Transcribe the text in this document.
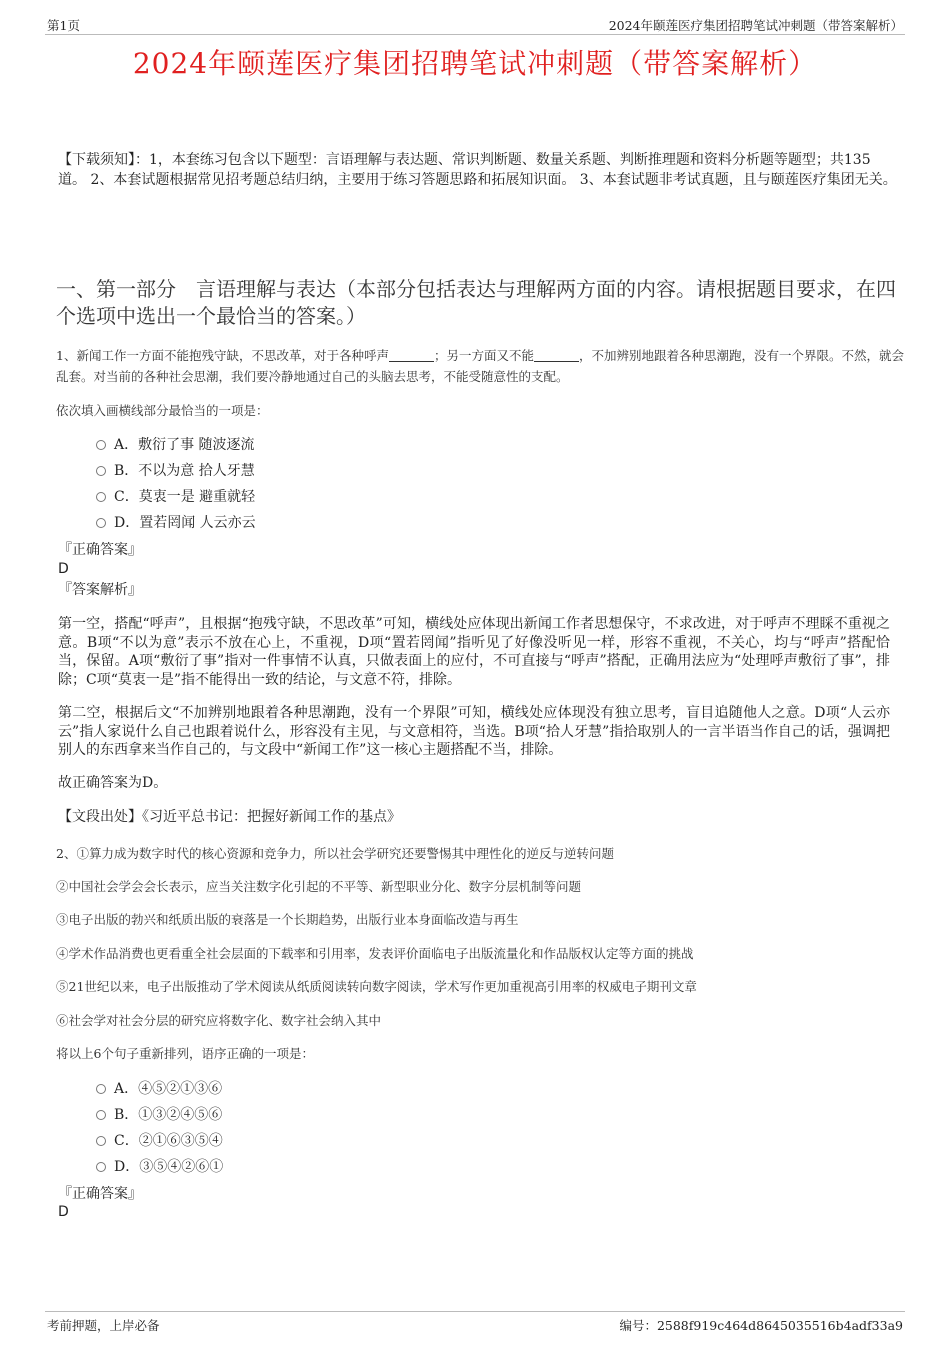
第1页	2024年颐莲医疗集团招聘笔试冲刺题（带答案解析）
2024年颐莲医疗集团招聘笔试冲刺题（带答案解析）
【下载须知】：1，本套练习包含以下题型：言语理解与表达题、常识判断题、数量关系题、判断推理题和资料分析题等题型；共135道。 2、本套试题根据常见招考题总结归纳，主要用于练习答题思路和拓展知识面。 3、本套试题非考试真题，且与颐莲医疗集团无关。
一、第一部分　言语理解与表达（本部分包括表达与理解两方面的内容。请根据题目要求，在四个选项中选出一个最恰当的答案。）
1、新闻工作一方面不能抱残守缺，不思改革，对于各种呼声	；另一方面又不能	，不加辨别地跟着各种思潮跑，没有一个界限。不然，就会乱套。对当前的各种社会思潮，我们要冷静地通过自己的头脑去思考，不能受随意性的支配。
依次填入画横线部分最恰当的一项是：
A．敷衍了事 随波逐流
B．不以为意 拾人牙慧
C．莫衷一是 避重就轻
D．置若罔闻 人云亦云
『正确答案』
D
『答案解析』
第一空，搭配“呼声”，且根据“抱残守缺，不思改革”可知，横线处应体现出新闻工作者思想保守，不求改进，对于呼声不理睬不重视之意。B项“不以为意”表示不放在心上，不重视，D项“置若罔闻”指听见了好像没听见一样，形容不重视，不关心，均与“呼声”搭配恰当，保留。A项“敷衍了事”指对一件事情不认真，只做表面上的应付，不可直接与“呼声”搭配，正确用法应为“处理呼声敷衍了事”，排除；C项“莫衷一是”指不能得出一致的结论，与文意不符，排除。
第二空，根据后文“不加辨别地跟着各种思潮跑，没有一个界限”可知，横线处应体现没有独立思考，盲目追随他人之意。D项“人云亦云”指人家说什么自己也跟着说什么，形容没有主见，与文意相符，当选。B项“拾人牙慧”指拾取别人的一言半语当作自己的话，强调把别人的东西拿来当作自己的，与文段中“新闻工作”这一核心主题搭配不当，排除。
故正确答案为D。
【文段出处】《习近平总书记：把握好新闻工作的基点》
2、①算力成为数字时代的核心资源和竞争力，所以社会学研究还要警惕其中理性化的逆反与逆转问题
②中国社会学会会长表示，应当关注数字化引起的不平等、新型职业分化、数字分层机制等问题
③电子出版的勃兴和纸质出版的衰落是一个长期趋势，出版行业本身面临改造与再生
④学术作品消费也更看重全社会层面的下载率和引用率，发表评价面临电子出版流量化和作品版权认定等方面的挑战
⑤21世纪以来，电子出版推动了学术阅读从纸质阅读转向数字阅读，学术写作更加重视高引用率的权威电子期刊文章
⑥社会学对社会分层的研究应将数字化、数字社会纳入其中
将以上6个句子重新排列，语序正确的一项是：
A．④⑤②①③⑥
B．①③②④⑤⑥
C．②①⑥③⑤④
D．③⑤④②⑥①
『正确答案』
D
考前押题，上岸必备	编号：2588f919c464d8645035516b4adf33a9
